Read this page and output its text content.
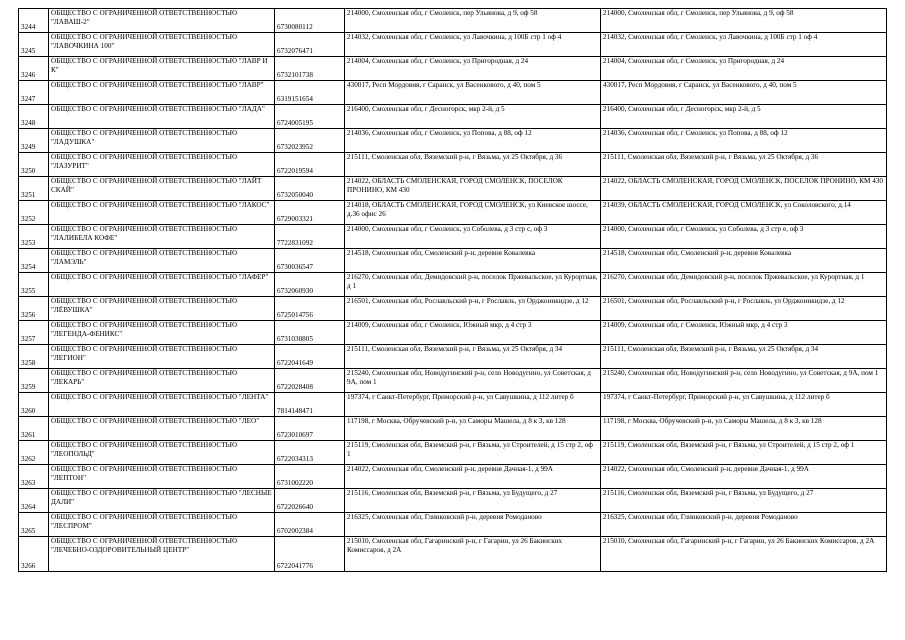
3244	ОБЩЕСТВО С ОГРАНИЧЕННОЙ ОТВЕТСТВЕННОСТЬЮ "ЛАВАШ-2"	6730080112	214000, Смоленская обл, г Смоленск, пер Ульянова, д 9, оф 58	214000, Смоленская обл, г Смоленск, пер Ульянова, д 9, оф 58
3245	ОБЩЕСТВО С ОГРАНИЧЕННОЙ ОТВЕТСТВЕННОСТЬЮ "ЛАВОЧКИНА 100"	6732076471	214032, Смоленская обл, г Смоленск, ул Лавочкина, д 100Б стр 1 оф 4	214032, Смоленская обл, г Смоленск, ул Лавочкина, д 100Б стр 1 оф 4
3246	ОБЩЕСТВО С ОГРАНИЧЕННОЙ ОТВЕТСТВЕННОСТЬЮ "ЛАВР И К"	6732101738	214004, Смоленская обл, г Смоленск, ул Пригородная, д 24	214004, Смоленская обл, г Смоленск, ул Пригородная, д 24
3247	ОБЩЕСТВО С ОГРАНИЧЕННОЙ ОТВЕТСТВЕННОСТЬЮ "ЛАВР"	6319151654	430017, Респ Мордовия, г Саранск, ул Васенкового, д 40, пом 5	430017, Респ Мордовия, г Саранск, ул Васенкового, д 40, пом 5
3248	ОБЩЕСТВО С ОГРАНИЧЕННОЙ ОТВЕТСТВЕННОСТЬЮ "ЛАДА"	6724005195	216400, Смоленская обл, г Десногорск, мкр 2-й, д 5	216400, Смоленская обл, г Десногорск, мкр 2-й, д 5
3249	ОБЩЕСТВО С ОГРАНИЧЕННОЙ ОТВЕТСТВЕННОСТЬЮ "ЛАДУШКА"	6732023952	214036, Смоленская обл, г Смоленск, ул Попова, д 88, оф 12	214036, Смоленская обл, г Смоленск, ул Попова, д 88, оф 12
3250	ОБЩЕСТВО С ОГРАНИЧЕННОЙ ОТВЕТСТВЕННОСТЬЮ "ЛАЗУРИТ"	6722019594	215111, Смоленская обл, Вяземский р-н, г Вязьма, ул 25 Октября, д 36	215111, Смоленская обл, Вяземский р-н, г Вязьма, ул 25 Октября, д 36
3251	ОБЩЕСТВО С ОГРАНИЧЕННОЙ ОТВЕТСТВЕННОСТЬЮ "ЛАЙТ СКАЙ"	6732050040	214022, ОБЛАСТЬ СМОЛЕНСКАЯ, ГОРОД СМОЛЕНСК, ПОСЕЛОК ПРОНИНО, КМ 430	214022, ОБЛАСТЬ СМОЛЕНСКАЯ, ГОРОД СМОЛЕНСК, ПОСЕЛОК ПРОНИНО, КМ 430
3252	ОБЩЕСТВО С ОГРАНИЧЕННОЙ ОТВЕТСТВЕННОСТЬЮ "ЛАКОС"	6729003321	214018, ОБЛАСТЬ СМОЛЕНСКАЯ, ГОРОД СМОЛЕНСК, ул Киевское шоссе, д.36 офис 26	214039, ОБЛАСТЬ СМОЛЕНСКАЯ, ГОРОД СМОЛЕНСК, ул Соколовского, д.14
3253	ОБЩЕСТВО С ОГРАНИЧЕННОЙ ОТВЕТСТВЕННОСТЬЮ "ЛАЛИБЕЛА КОФЕ"	7722831092	214000, Смоленская обл, г Смоленск, ул Соболева, д 3 стр с, оф 3	214000, Смоленская обл, г Смоленск, ул Соболева, д 3 стр е, оф 3
3254	ОБЩЕСТВО С ОГРАНИЧЕННОЙ ОТВЕТСТВЕННОСТЬЮ "ЛАМЭЛЬ"	6730036547	214518, Смоленская обл, Смоленский р-н, деревня Ковалевка	214518, Смоленская обл, Смоленский р-н, деревня Ковалевка
3255	ОБЩЕСТВО С ОГРАНИЧЕННОЙ ОТВЕТСТВЕННОСТЬЮ "ЛАФЕР"	6732060930	216270, Смоленская обл, Демидовский р-н, поселок Пржевальское, ул Курортная, д 1	216270, Смоленская обл, Демидовский р-н, поселок Пржевальское, ул Курортная, д 1
3256	ОБЩЕСТВО С ОГРАНИЧЕННОЙ ОТВЕТСТВЕННОСТЬЮ "ЛЁВУШКА"	6725014756	216501, Смоленская обл, Рославльский р-н, г Рославль, ул Орджоникидзе, д 12	216501, Смоленская обл, Рославльский р-н, г Рославль, ул Орджоникидзе, д 12
3257	ОБЩЕСТВО С ОГРАНИЧЕННОЙ ОТВЕТСТВЕННОСТЬЮ "ЛЕГЕНДА-ФЕНИКС"	6731030805	214009, Смоленская обл, г Смоленск, Южный мкр, д 4 стр 3	214009, Смоленская обл, г Смоленск, Южный мкр, д 4 стр 3
3258	ОБЩЕСТВО С ОГРАНИЧЕННОЙ ОТВЕТСТВЕННОСТЬЮ "ЛЕГИОН"	6722041649	215111, Смоленская обл, Вяземский р-н, г Вязьма, ул 25 Октября, д 34	215111, Смоленская обл, Вяземский р-н, г Вязьма, ул 25 Октября, д 34
3259	ОБЩЕСТВО С ОГРАНИЧЕННОЙ ОТВЕТСТВЕННОСТЬЮ "ЛЕКАРЬ"	6722028408	215240, Смоленская обл, Новодугинский р-н, село Новодугино, ул Советская, д 9А, пом 1	215240, Смоленская обл, Новодугинский р-н, село Новодугино, ул Советская, д 9А, пом 1
3260	ОБЩЕСТВО С ОГРАНИЧЕННОЙ ОТВЕТСТВЕННОСТЬЮ "ЛЕНТА"	7814148471	197374, г Санкт-Петербург, Приморский р-н, ул Савушкина, д 112 литер б	197374, г Санкт-Петербург, Приморский р-н, ул Савушкина, д 112 литер б
3261	ОБЩЕСТВО С ОГРАНИЧЕННОЙ ОТВЕТСТВЕННОСТЬЮ "ЛЕО"	6723010697	117198, г Москва, Обручевский р-н, ул Саморы Машела, д 8 к 3, кв 128	117198, г Москва, Обручевский р-н, ул Саморы Машела, д 8 к 3, кв 128
3262	ОБЩЕСТВО С ОГРАНИЧЕННОЙ ОТВЕТСТВЕННОСТЬЮ "ЛЕОПОЛЬД"	6722034313	215119, Смоленская обл, Вяземский р-н, г Вязьма, ул Строителей, д 15 стр 2, оф 1	215119, Смоленская обл, Вяземский р-н, г Вязьма, ул Строителей, д 15 стр 2, оф 1
3263	ОБЩЕСТВО С ОГРАНИЧЕННОЙ ОТВЕТСТВЕННОСТЬЮ "ЛЕПТОН"	6731002220	214022, Смоленская обл, Смоленский р-н, деревня Дачная-1, д 99А	214022, Смоленская обл, Смоленский р-н, деревня Дачная-1, д 99А
3264	ОБЩЕСТВО С ОГРАНИЧЕННОЙ ОТВЕТСТВЕННОСТЬЮ "ЛЕСНЫЕ ДАЛИ"	6722026640	215116, Смоленская обл, Вяземский р-н, г Вязьма, ул Будущего, д 27	215116, Смоленская обл, Вяземский р-н, г Вязьма, ул Будущего, д 27
3265	ОБЩЕСТВО С ОГРАНИЧЕННОЙ ОТВЕТСТВЕННОСТЬЮ "ЛЕСПРОМ"	6702002384	216325, Смоленская обл, Глинковский р-н, деревня Ромодановo	216325, Смоленская обл, Глинковский р-н, деревня Ромодановo
3266	ОБЩЕСТВО С ОГРАНИЧЕННОЙ ОТВЕТСТВЕННОСТЬЮ "ЛЕЧЕБНО-ОЗДОРОВИТЕЛЬНЫЙ ЦЕНТР"	6722041776	215010, Смоленская обл, Гагаринский р-н, г Гагарин, ул 26 Бакинских Комиссаров, д 2А	215010, Смоленская обл, Гагаринский р-н, г Гагарин, ул 26 Бакинских Комиссаров, д 2А
